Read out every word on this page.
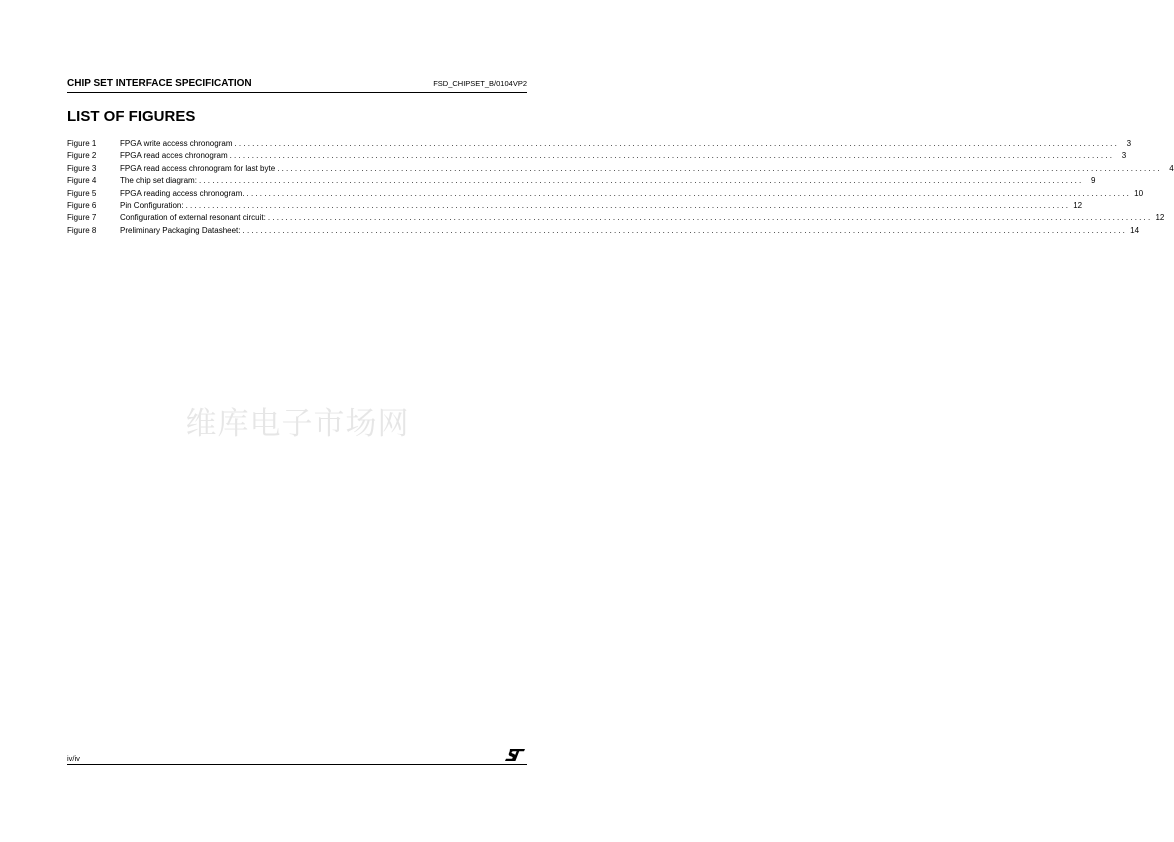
CHIP SET INTERFACE SPECIFICATION	FSD_CHIPSET_B/0104VP2
LIST OF FIGURES
Figure 1	FPGA write access chronogram ........................................................................................................................................................................................................ 3
Figure 2	FPGA read acces chronogram ........................................................................................................................................................................................................ 3
Figure 3	FPGA read access chronogram for last byte ........................................................................................................................................................................................................ 4
Figure 4	The chip set diagram: ........................................................................................................................................................................................................ 9
Figure 5	FPGA reading access chronogram. ........................................................................................................................................................................................................ 10
Figure 6	Pin Configuration: ........................................................................................................................................................................................................ 12
Figure 7	Configuration of external resonant circuit: ........................................................................................................................................................................................................ 12
Figure 8	Preliminary Packaging Datasheet: ........................................................................................................................................................................................................ 14
维库电子市场网
iv/iv
